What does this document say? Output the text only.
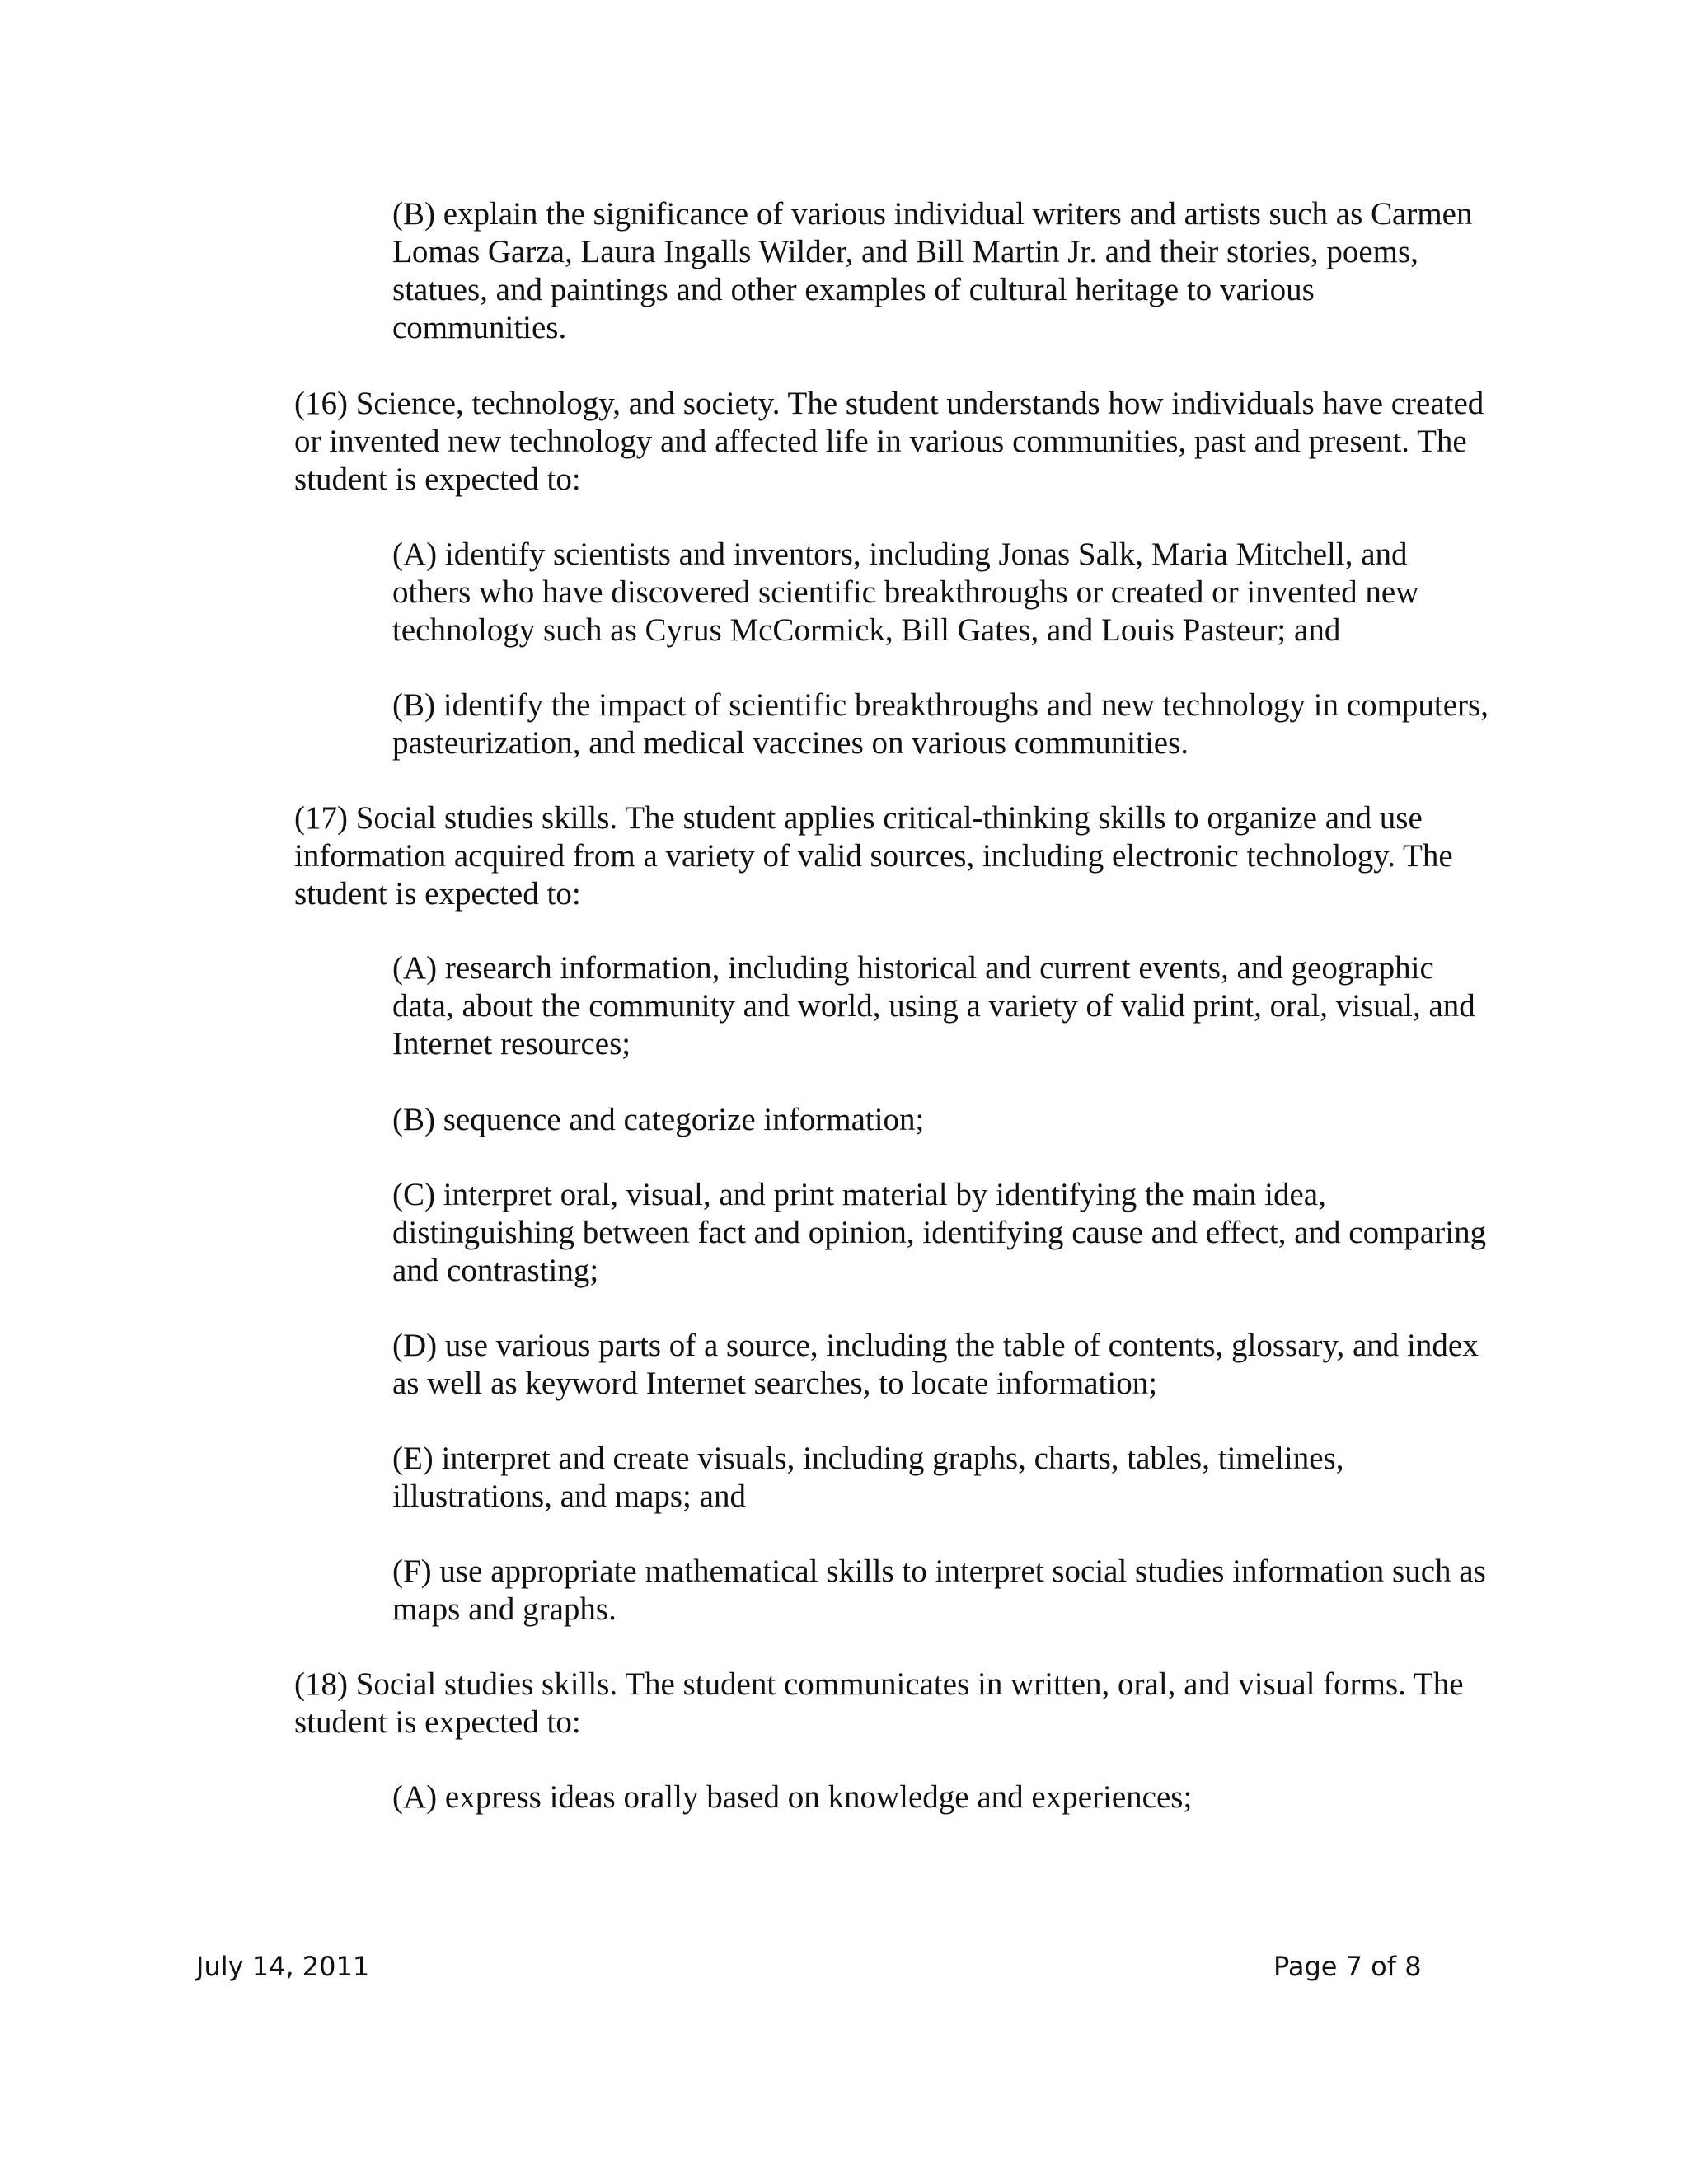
(B) explain the significance of various individual writers and artists such as Carmen Lomas Garza, Laura Ingalls Wilder, and Bill Martin Jr. and their stories, poems, statues, and paintings and other examples of cultural heritage to various communities.

(16) Science, technology, and society. The student understands how individuals have created or invented new technology and affected life in various communities, past and present. The student is expected to:

(A) identify scientists and inventors, including Jonas Salk, Maria Mitchell, and others who have discovered scientific breakthroughs or created or invented new technology such as Cyrus McCormick, Bill Gates, and Louis Pasteur; and

(B) identify the impact of scientific breakthroughs and new technology in computers, pasteurization, and medical vaccines on various communities.

(17) Social studies skills. The student applies critical-thinking skills to organize and use information acquired from a variety of valid sources, including electronic technology. The student is expected to:

(A) research information, including historical and current events, and geographic data, about the community and world, using a variety of valid print, oral, visual, and Internet resources;

(B) sequence and categorize information;

(C) interpret oral, visual, and print material by identifying the main idea, distinguishing between fact and opinion, identifying cause and effect, and comparing and contrasting;

(D) use various parts of a source, including the table of contents, glossary, and index as well as keyword Internet searches, to locate information;

(E) interpret and create visuals, including graphs, charts, tables, timelines, illustrations, and maps; and

(F) use appropriate mathematical skills to interpret social studies information such as maps and graphs.

(18) Social studies skills. The student communicates in written, oral, and visual forms. The student is expected to:

(A) express ideas orally based on knowledge and experiences;

July 14, 2011	Page 7 of 8
